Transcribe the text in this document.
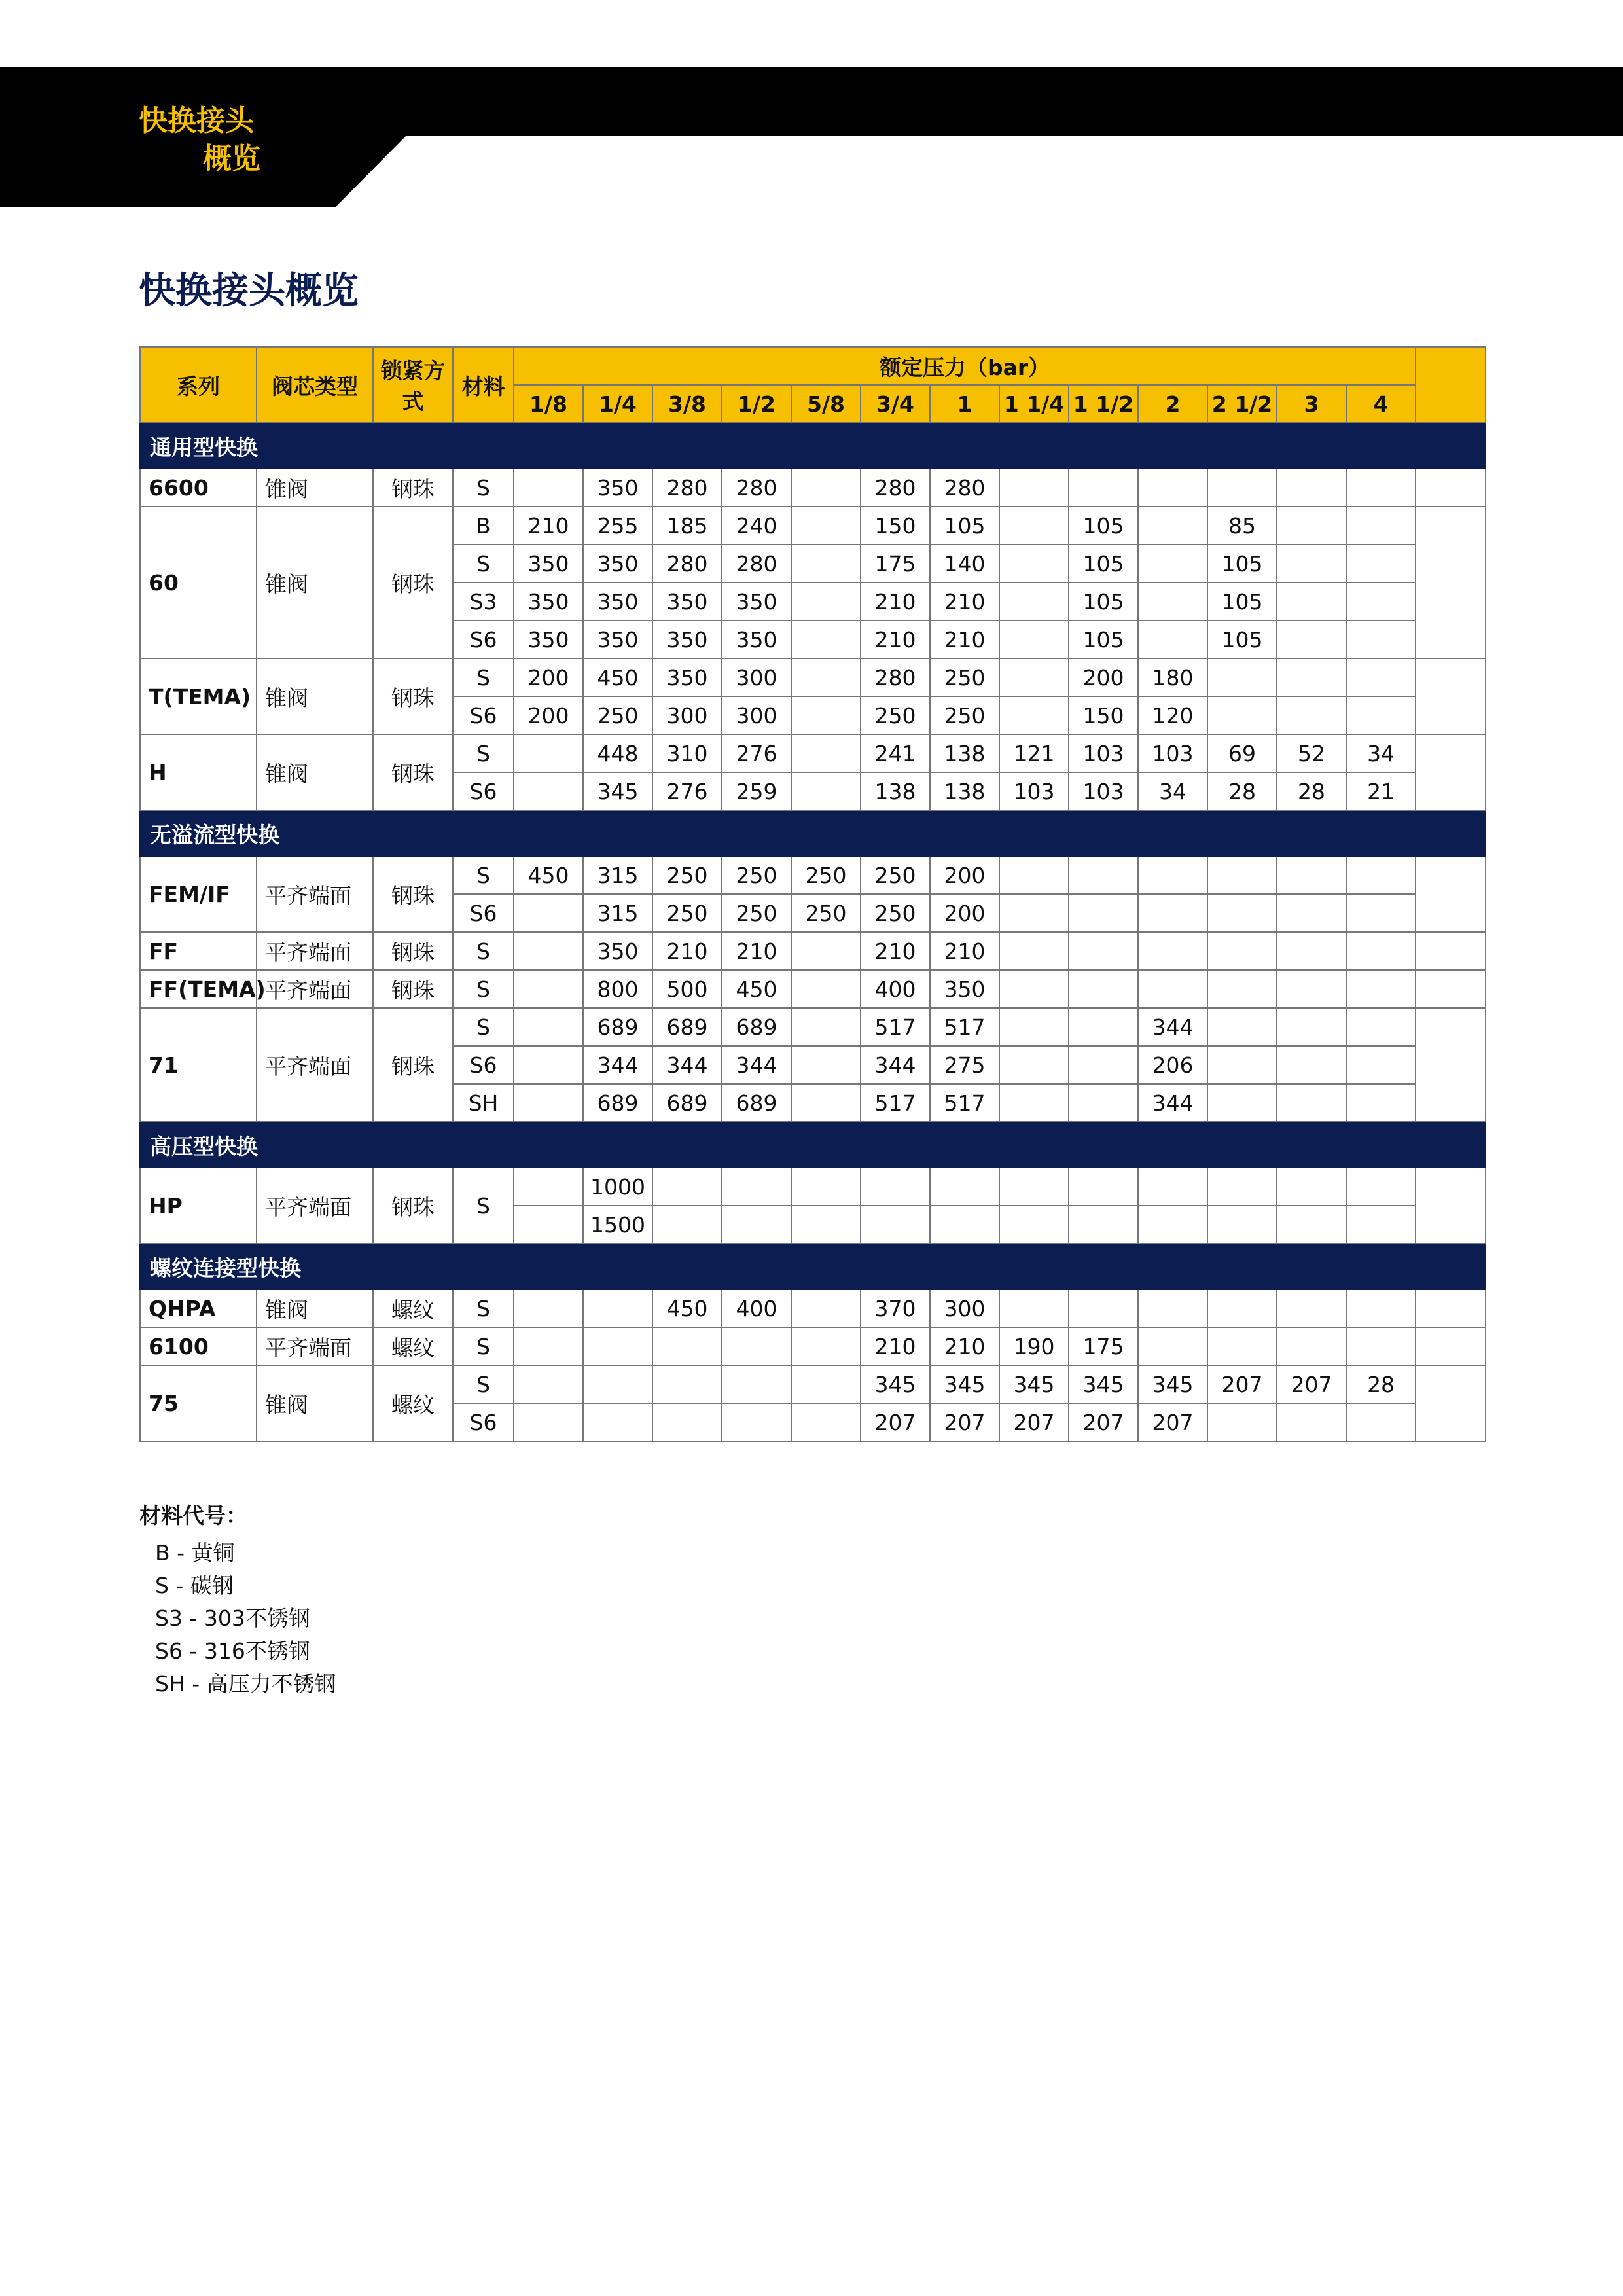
快换接头
概览
快换接头概览
系列	阀芯类型	锁紧方式	材料	额定压力（bar）													
				1/8	1/4	3/8	1/2	5/8	3/4	1	1 1/4	1 1/2	2	2 1/2	3	4	
通用型快换																	
6600	锥阀	钢珠	S		350	280	280		280	280							
60	锥阀	钢珠	B	210	255	185	240		150	105		105		85			
			S	350	350	280	280		175	140		105		105			
			S3	350	350	350	350		210	210		105		105			
			S6	350	350	350	350		210	210		105		105			
T(TEMA)	锥阀	钢珠	S	200	450	350	300		280	250		200	180				
			S6	200	250	300	300		250	250		150	120				
H	锥阀	钢珠	S		448	310	276		241	138	121	103	103	69	52	34	
			S6		345	276	259		138	138	103	103	34	28	28	21	
无溢流型快换																	
FEM/IF	平齐端面	钢珠	S	450	315	250	250	250	250	200							
			S6		315	250	250	250	250	200							
FF	平齐端面	钢珠	S		350	210	210		210	210							
FF(TEMA)	平齐端面	钢珠	S		800	500	450		400	350							
71	平齐端面	钢珠	S		689	689	689		517	517			344				
			S6		344	344	344		344	275			206				
			SH		689	689	689		517	517			344				
高压型快换																	
HP	平齐端面	钢珠	S		1000												
					1500												
螺纹连接型快换																	
QHPA	锥阀	螺纹	S			450	400		370	300							
6100	平齐端面	螺纹	S						210	210	190	175					
75	锥阀	螺纹	S						345	345	345	345	345	207	207	28	
			S6						207	207	207	207	207				
材料代号：
B - 黄铜
S - 碳钢
S3 - 303不锈钢
S6 - 316不锈钢
SH - 高压力不锈钢
